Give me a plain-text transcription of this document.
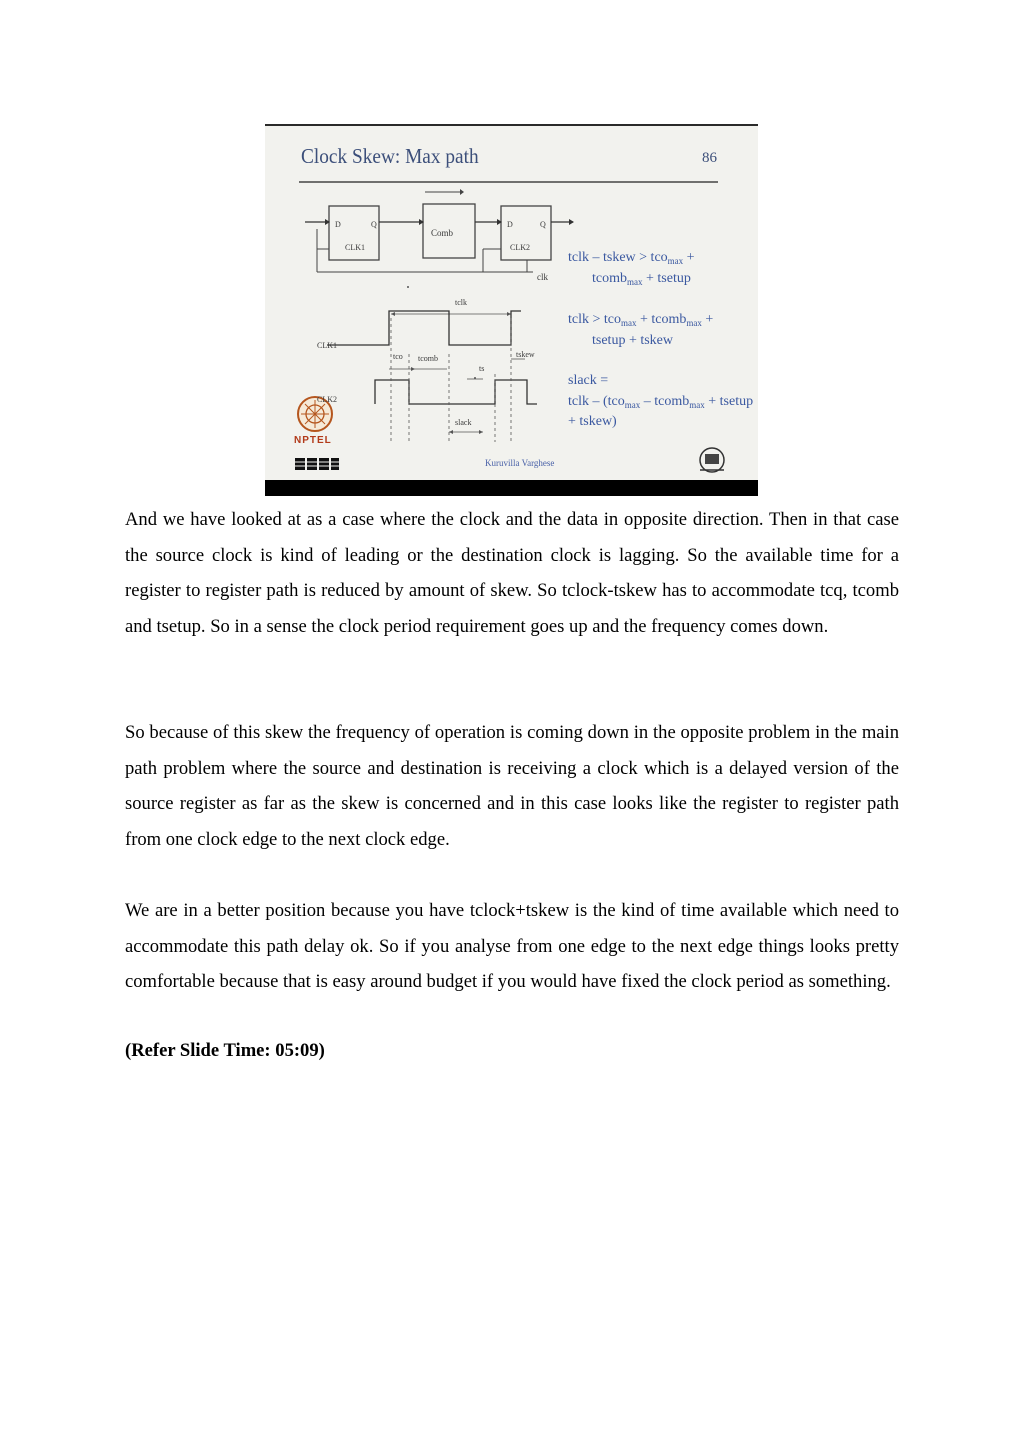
Clock Skew: Max path	86
D	Q
CLK1
Comb
D	Q
CLK2
clk
tclk
CLK1
CLK2
tco tcomb
ts
tskew
slack
tclk – tskew > tco$_{max}$ +
tcomb$_{max}$ + tsetup
tclk > tco$_{max}$ + tcomb$_{max}$ +
tsetup + tskew
slack =
tclk – (tco$_{max}$ – tcomb$_{max}$ + tsetup
+ tskew)
NPTEL
Kuruvilla Varghese

And we have looked at as a case where the clock and the data in opposite direction. Then in that case the source clock is kind of leading or the destination clock is lagging. So the available time for a register to register path is reduced by amount of skew. So tclock-tskew has to accommodate tcq, tcomb and tsetup. So in a sense the clock period requirement goes up and the frequency comes down.

So because of this skew the frequency of operation is coming down in the opposite problem in the main path problem where the source and destination is receiving a clock which is a delayed version of the source register as far as the skew is concerned and in this case looks like the register to register path from one clock edge to the next clock edge.

We are in a better position because you have tclock+tskew is the kind of time available which need to accommodate this path delay ok. So if you analyse from one edge to the next edge things looks pretty comfortable because that is easy around budget if you would have fixed the clock period as something.

(Refer Slide Time: 05:09)
